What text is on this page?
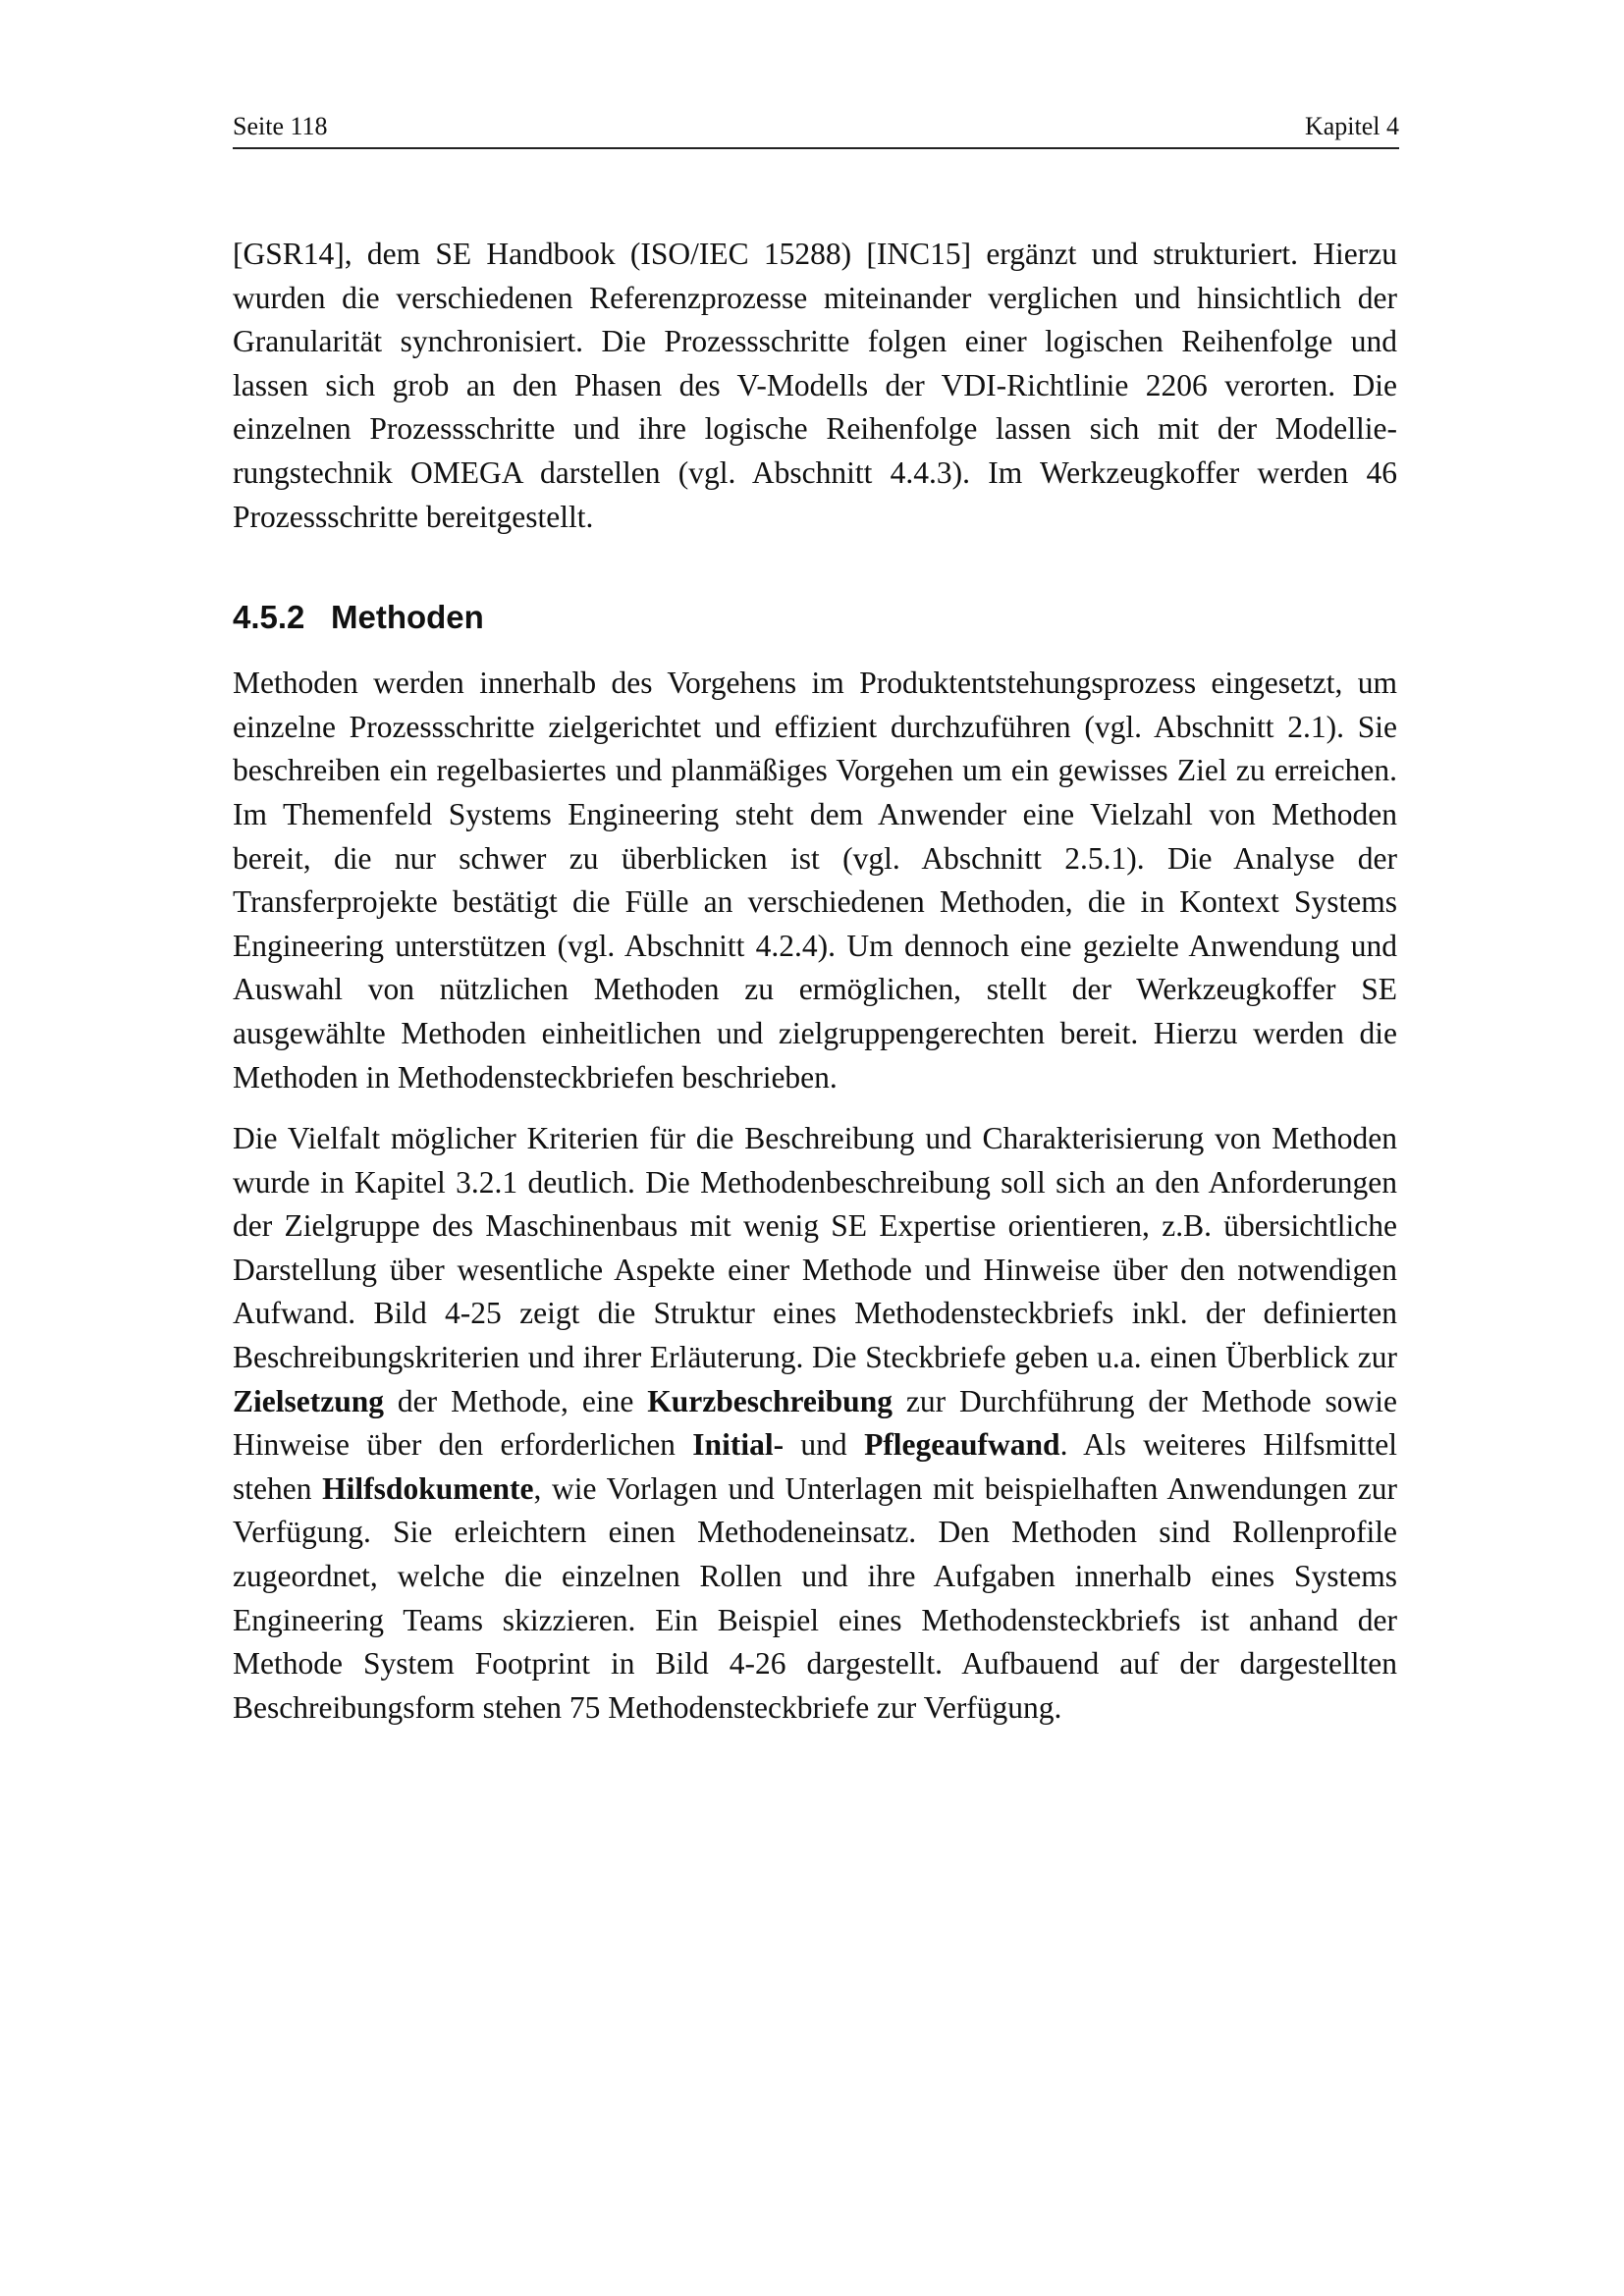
Seite 118	Kapitel 4

[GSR14], dem SE Handbook (ISO/IEC 15288) [INC15] ergänzt und strukturiert. Hierzu wurden die verschiedenen Referenzprozesse miteinander verglichen und hinsichtlich der Granularität synchronisiert. Die Prozessschritte folgen einer logischen Reihenfolge und lassen sich grob an den Phasen des V-Modells der VDI-Richtlinie 2206 verorten. Die einzelnen Prozessschritte und ihre logische Reihenfolge lassen sich mit der Modellierungstechnik OMEGA darstellen (vgl. Abschnitt 4.4.3). Im Werkzeugkoffer werden 46 Prozessschritte bereitgestellt.

4.5.2 Methoden

Methoden werden innerhalb des Vorgehens im Produktentstehungsprozess eingesetzt, um einzelne Prozessschritte zielgerichtet und effizient durchzuführen (vgl. Abschnitt 2.1). Sie beschreiben ein regelbasiertes und planmäßiges Vorgehen um ein gewisses Ziel zu erreichen. Im Themenfeld Systems Engineering steht dem Anwender eine Vielzahl von Methoden bereit, die nur schwer zu überblicken ist (vgl. Abschnitt 2.5.1). Die Analyse der Transferprojekte bestätigt die Fülle an verschiedenen Methoden, die in Kontext Systems Engineering unterstützen (vgl. Abschnitt 4.2.4). Um dennoch eine gezielte Anwendung und Auswahl von nützlichen Methoden zu ermöglichen, stellt der Werkzeugkoffer SE ausgewählte Methoden einheitlichen und zielgruppengerechten bereit. Hierzu werden die Methoden in Methodensteckbriefen beschrieben.

Die Vielfalt möglicher Kriterien für die Beschreibung und Charakterisierung von Methoden wurde in Kapitel 3.2.1 deutlich. Die Methodenbeschreibung soll sich an den Anforderungen der Zielgruppe des Maschinenbaus mit wenig SE Expertise orientieren, z.B. übersichtliche Darstellung über wesentliche Aspekte einer Methode und Hinweise über den notwendigen Aufwand. Bild 4-25 zeigt die Struktur eines Methodensteckbriefs inkl. der definierten Beschreibungskriterien und ihrer Erläuterung. Die Steckbriefe geben u.a. einen Überblick zur Zielsetzung der Methode, eine Kurzbeschreibung zur Durchführung der Methode sowie Hinweise über den erforderlichen Initial- und Pflegeaufwand. Als weiteres Hilfsmittel stehen Hilfsdokumente, wie Vorlagen und Unterlagen mit beispielhaften Anwendungen zur Verfügung. Sie erleichtern einen Methodeneinsatz. Den Methoden sind Rollenprofile zugeordnet, welche die einzelnen Rollen und ihre Aufgaben innerhalb eines Systems Engineering Teams skizzieren. Ein Beispiel eines Methodensteckbriefs ist anhand der Methode System Footprint in Bild 4-26 dargestellt. Aufbauend auf der dargestellten Beschreibungsform stehen 75 Methodensteckbriefe zur Verfügung.
